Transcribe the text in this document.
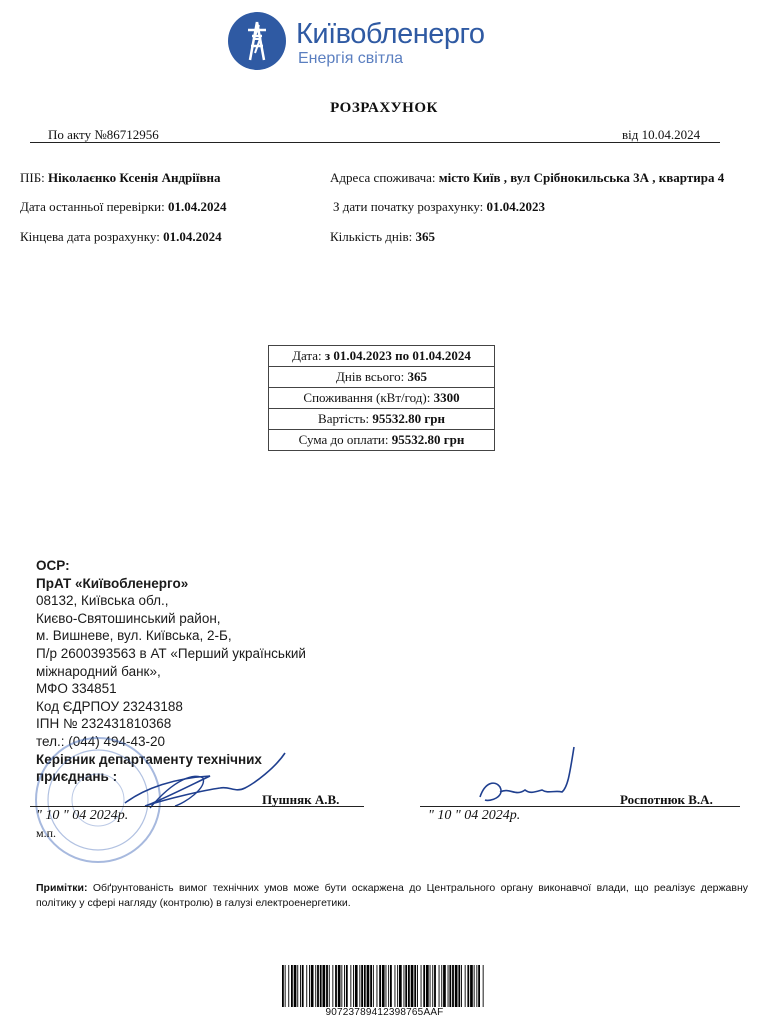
Київобленерго
Енергія світла
РОЗРАХУНОК
По акту №86712956	від 10.04.2024
ПІБ: Ніколаєнко Ксенія Андріївна	Адреса споживача: місто Київ , вул Срібнокильська 3А , квартира 4
Дата останньої перевірки: 01.04.2024	З дати початку розрахунку: 01.04.2023
Кінцева дата розрахунку: 01.04.2024	Кількість днів: 365
Дата: з 01.04.2023 по 01.04.2024
Днів всього: 365
Споживання (кВт/год): 3300
Вартість: 95532.80 грн
Сума до оплати: 95532.80 грн
ОСР:
ПрАТ «Київобленерго»
08132, Київська обл.,
Києво-Святошинський район,
м. Вишневе, вул. Київська, 2-Б,
П/р 2600393563 в АТ «Перший український
міжнародний банк»,
МФО 334851
Код ЄДРПОУ 23243188
ІПН № 232431810368
тел.: (044) 494-43-20
Керівник департаменту технічних
приєднань :
Пушняк А.В.	Роспотнюк В.А.
" 10 " 04 2024р.	" 10 " 04 2024р.
м.п.
Примітки: Обґрунтованість вимог технічних умов може бути оскаржена до Центрального органу виконавчої влади, що реалізує державну політику у сфері нагляду (контролю) в галузі електроенергетики.
90723789412398765AAF
